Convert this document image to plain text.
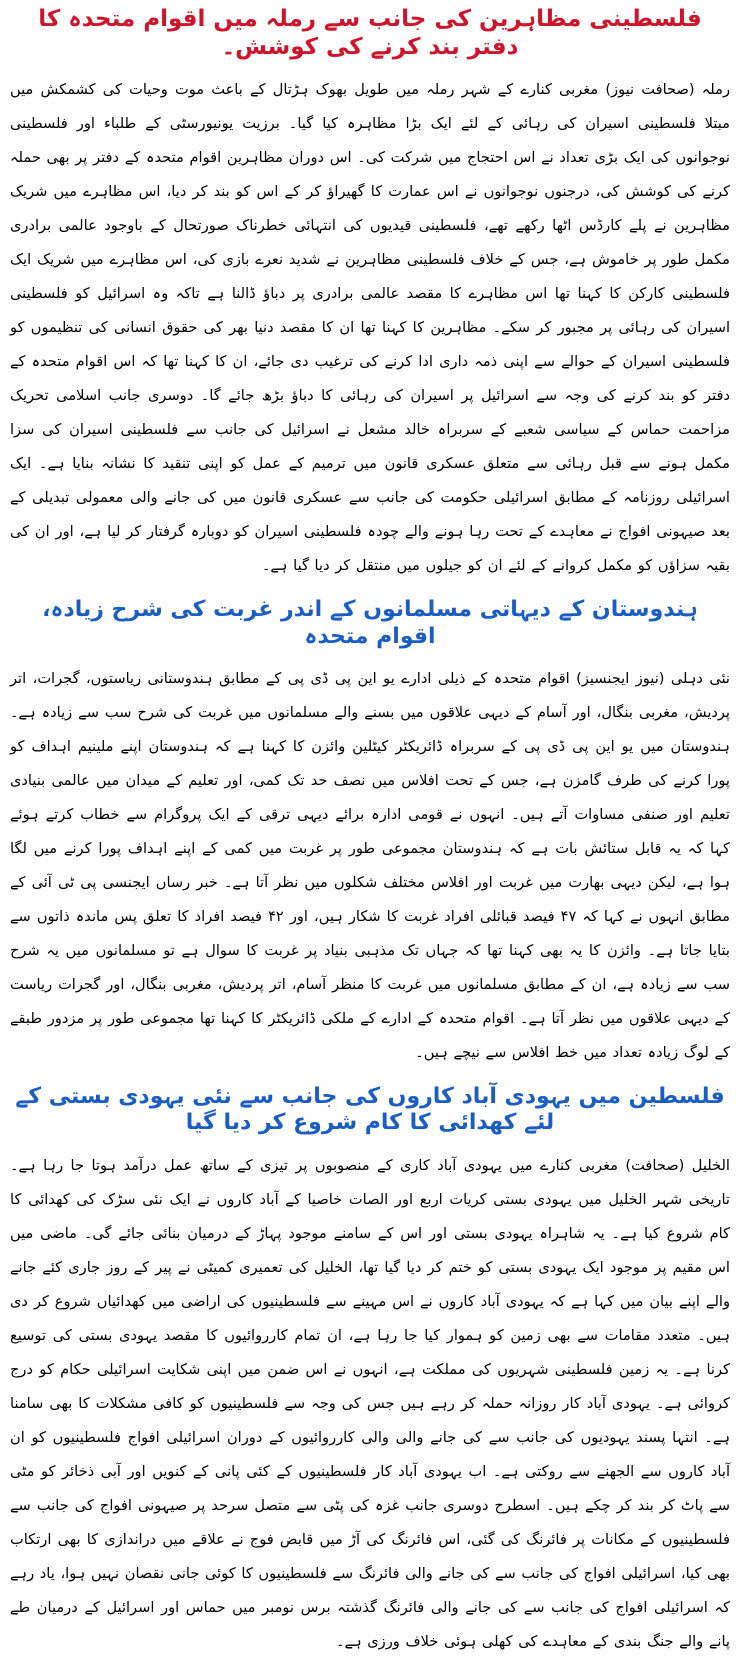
فلسطینی مظاہرین کی جانب سے رملہ میں اقوام متحدہ کا دفتر بند کرنے کی کوشش۔

رملہ (صحافت نیوز) مغربی کنارے کے شہر رملہ میں طویل بھوک ہڑتال کے باعث موت وحیات کی کشمکش میں مبتلا فلسطینی اسیران کی رہائی کے لئے ایک بڑا مظاہرہ کیا گیا۔ برزیت یونیورسٹی کے طلباء اور فلسطینی نوجوانوں کی ایک بڑی تعداد نے اس احتجاج میں شرکت کی۔ اس دوران مظاہرین اقوام متحدہ کے دفتر پر بھی حملہ کرنے کی کوشش کی، درجنوں نوجوانوں نے اس عمارت کا گھیراؤ کر کے اس کو بند کر دیا، اس مظاہرے میں شریک مظاہرین نے پلے کارڈس اٹھا رکھے تھے، فلسطینی قیدیوں کی انتہائی خطرناک صورتحال کے باوجود عالمی برادری مکمل طور پر خاموش ہے، جس کے خلاف فلسطینی مظاہرین نے شدید نعرے بازی کی، اس مظاہرے میں شریک ایک فلسطینی کارکن کا کہنا تھا اس مظاہرے کا مقصد عالمی برادری پر دباؤ ڈالنا ہے تاکہ وہ اسرائیل کو فلسطینی اسیران کی رہائی پر مجبور کر سکے۔ مظاہرین کا کہنا تھا ان کا مقصد دنیا بھر کی حقوق انسانی کی تنظیموں کو فلسطینی اسیران کے حوالے سے اپنی ذمہ داری ادا کرنے کی ترغیب دی جائے، ان کا کہنا تھا کہ اس اقوام متحدہ کے دفتر کو بند کرنے کی وجہ سے اسرائیل پر اسیران کی رہائی کا دباؤ بڑھ جائے گا۔ دوسری جانب اسلامی تحریک مزاحمت حماس کے سیاسی شعبے کے سربراہ خالد مشعل نے اسرائیل کی جانب سے فلسطینی اسیران کی سزا مکمل ہونے سے قبل رہائی سے متعلق عسکری قانون میں ترمیم کے عمل کو اپنی تنقید کا نشانہ بنایا ہے۔ ایک اسرائیلی روزنامہ کے مطابق اسرائیلی حکومت کی جانب سے عسکری قانون میں کی جانے والی معمولی تبدیلی کے بعد صیہونی افواج نے معاہدے کے تحت رہا ہونے والے چودہ فلسطینی اسیران کو دوبارہ گرفتار کر لیا ہے، اور ان کی بقیہ سزاؤں کو مکمل کروانے کے لئے ان کو جیلوں میں منتقل کر دیا گیا ہے۔

ہندوستان کے دیہاتی مسلمانوں کے اندر غربت کی شرح زیادہ، اقوام متحدہ

نئی دہلی (نیوز ایجنسیز) اقوام متحدہ کے ذیلی ادارے یو این پی ڈی پی کے مطابق ہندوستانی ریاستوں، گجرات، اتر پردیش، مغربی بنگال، اور آسام کے دیہی علاقوں میں بسنے والے مسلمانوں میں غربت کی شرح سب سے زیادہ ہے۔ ہندوستان میں یو این پی ڈی پی کے سربراہ ڈائریکٹر کیٹلین وائزن کا کہنا ہے کہ ہندوستان اپنے ملینیم اہداف کو پورا کرنے کی طرف گامزن ہے، جس کے تحت افلاس میں نصف حد تک کمی، اور تعلیم کے میدان میں عالمی بنیادی تعلیم اور صنفی مساوات آتے ہیں۔ انہوں نے قومی ادارہ برائے دیہی ترقی کے ایک پروگرام سے خطاب کرتے ہوئے کہا کہ یہ قابل ستائش بات ہے کہ ہندوستان مجموعی طور پر غربت میں کمی کے اپنے اہداف پورا کرنے میں لگا ہوا ہے، لیکن دیہی بھارت میں غربت اور افلاس مختلف شکلوں میں نظر آتا ہے۔ خبر رساں ایجنسی پی ٹی آئی کے مطابق انہوں نے کہا کہ ۴۷ فیصد قبائلی افراد غربت کا شکار ہیں، اور ۴۲ فیصد افراد کا تعلق پس ماندہ ذاتوں سے بتایا جاتا ہے۔ وائزن کا یہ بھی کہنا تھا کہ جہاں تک مذہبی بنیاد پر غربت کا سوال ہے تو مسلمانوں میں یہ شرح سب سے زیادہ ہے، ان کے مطابق مسلمانوں میں غربت کا منظر آسام، اتر پردیش، مغربی بنگال، اور گجرات ریاست کے دیہی علاقوں میں نظر آتا ہے۔ اقوام متحدہ کے ادارے کے ملکی ڈائریکٹر کا کہنا تھا مجموعی طور پر مزدور طبقے کے لوگ زیادہ تعداد میں خط افلاس سے نیچے ہیں۔

فلسطین میں یہودی آباد کاروں کی جانب سے نئی یہودی بستی کے لئے کھدائی کا کام شروع کر دیا گیا

الخلیل (صحافت) مغربی کنارے میں یہودی آباد کاری کے منصوبوں پر تیزی کے ساتھ عمل درآمد ہوتا جا رہا ہے۔ تاریخی شہر الخلیل میں یہودی بستی کریات اربع اور الصات خاصیا کے آباد کاروں نے ایک نئی سڑک کی کھدائی کا کام شروع کیا ہے۔ یہ شاہراہ یہودی بستی اور اس کے سامنے موجود پہاڑ کے درمیان بنائی جائے گی۔ ماضی میں اس مقیم پر موجود ایک یہودی بستی کو ختم کر دیا گیا تھا، الخلیل کی تعمیری کمیٹی نے پیر کے روز جاری کئے جانے والے اپنے بیان میں کہا ہے کہ یہودی آباد کاروں نے اس مہینے سے فلسطینیوں کی اراضی میں کھدائیاں شروع کر دی ہیں۔ متعدد مقامات سے بھی زمین کو ہموار کیا جا رہا ہے، ان تمام کارروائیوں کا مقصد یہودی بستی کی توسیع کرنا ہے۔ یہ زمین فلسطینی شہریوں کی مملکت ہے، انہوں نے اس ضمن میں اپنی شکایت اسرائیلی حکام کو درج کروائی ہے۔ یہودی آباد کار روزانہ حملہ کر رہے ہیں جس کی وجہ سے فلسطینیوں کو کافی مشکلات کا بھی سامنا ہے۔ انتہا پسند یہودیوں کی جانب سے کی جانے والی والی کارروائیوں کے دوران اسرائیلی افواج فلسطینیوں کو ان آباد کاروں سے الجھنے سے روکتی ہے۔ اب یہودی آباد کار فلسطینیوں کے کئی پانی کے کنویں اور آبی ذخائر کو مٹی سے پاٹ کر بند کر چکے ہیں۔ اسطرح دوسری جانب غزہ کی پٹی سے متصل سرحد پر صیہونی افواج کی جانب سے فلسطینیوں کے مکانات پر فائرنگ کی گئی، اس فائرنگ کی آڑ میں قابض فوج نے علاقے میں دراندازی کا بھی ارتکاب بھی کیا، اسرائیلی افواج کی جانب سے کی جانے والی فائرنگ سے فلسطینیوں کا کوئی جانی نقصان نہیں ہوا، یاد رہے کہ اسرائیلی افواج کی جانب سے کی جانے والی فائرنگ گذشتہ برس نومبر میں حماس اور اسرائیل کے درمیان طے پانے والے جنگ بندی کے معاہدے کی کھلی ہوئی خلاف ورزی ہے۔
